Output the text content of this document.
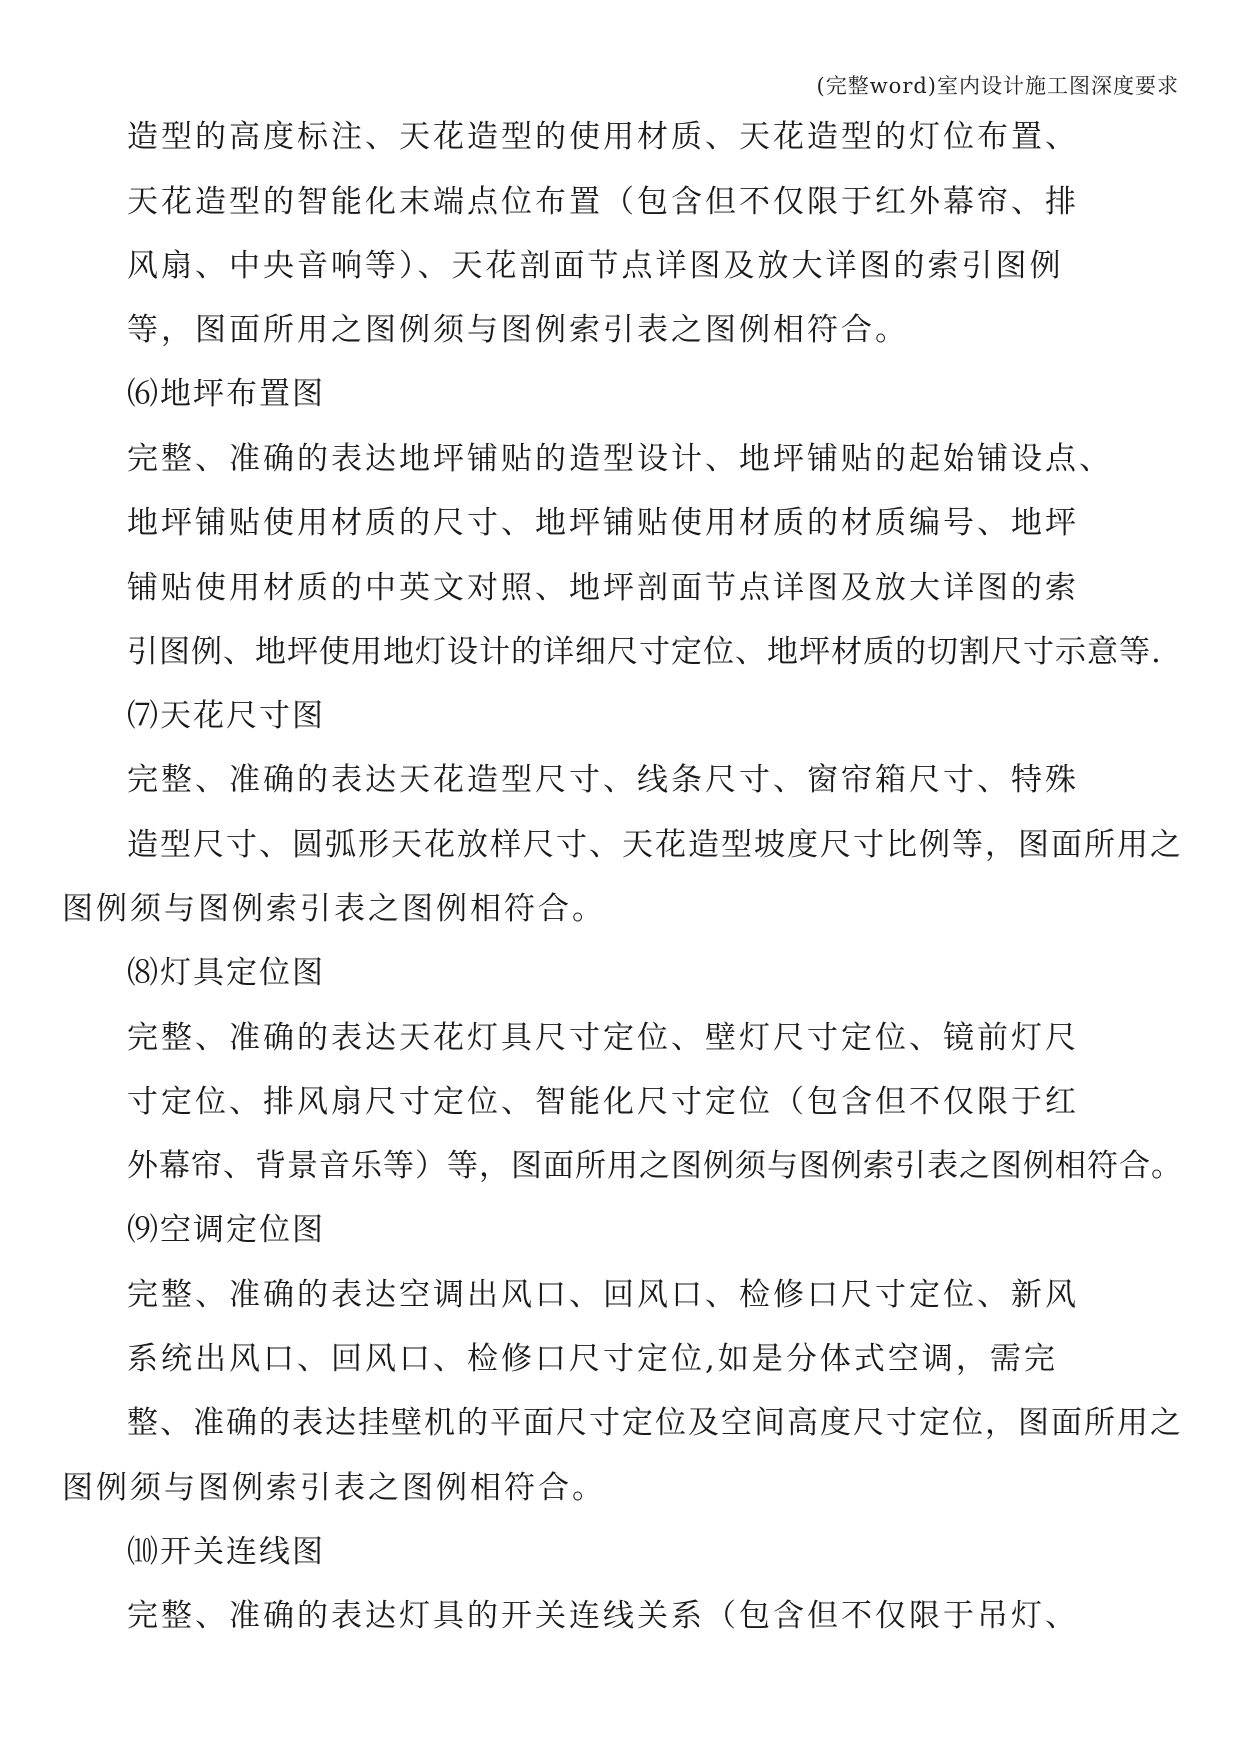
(完整word)室内设计施工图深度要求
造型的高度标注、天花造型的使用材质、天花造型的灯位布置、
天花造型的智能化末端点位布置（包含但不仅限于红外幕帘、排
风扇、中央音响等）、天花剖面节点详图及放大详图的索引图例
等，图面所用之图例须与图例索引表之图例相符合。
⑹地坪布置图
完整、准确的表达地坪铺贴的造型设计、地坪铺贴的起始铺设点、
地坪铺贴使用材质的尺寸、地坪铺贴使用材质的材质编号、地坪
铺贴使用材质的中英文对照、地坪剖面节点详图及放大详图的索
引图例、地坪使用地灯设计的详细尺寸定位、地坪材质的切割尺寸示意等.
⑺天花尺寸图
完整、准确的表达天花造型尺寸、线条尺寸、窗帘箱尺寸、特殊
造型尺寸、圆弧形天花放样尺寸、天花造型坡度尺寸比例等，图面所用之
图例须与图例索引表之图例相符合。
⑻灯具定位图
完整、准确的表达天花灯具尺寸定位、壁灯尺寸定位、镜前灯尺
寸定位、排风扇尺寸定位、智能化尺寸定位（包含但不仅限于红
外幕帘、背景音乐等）等，图面所用之图例须与图例索引表之图例相符合。
⑼空调定位图
完整、准确的表达空调出风口、回风口、检修口尺寸定位、新风
系统出风口、回风口、检修口尺寸定位,如是分体式空调，需完
整、准确的表达挂壁机的平面尺寸定位及空间高度尺寸定位，图面所用之
图例须与图例索引表之图例相符合。
⑽开关连线图
完整、准确的表达灯具的开关连线关系（包含但不仅限于吊灯、
